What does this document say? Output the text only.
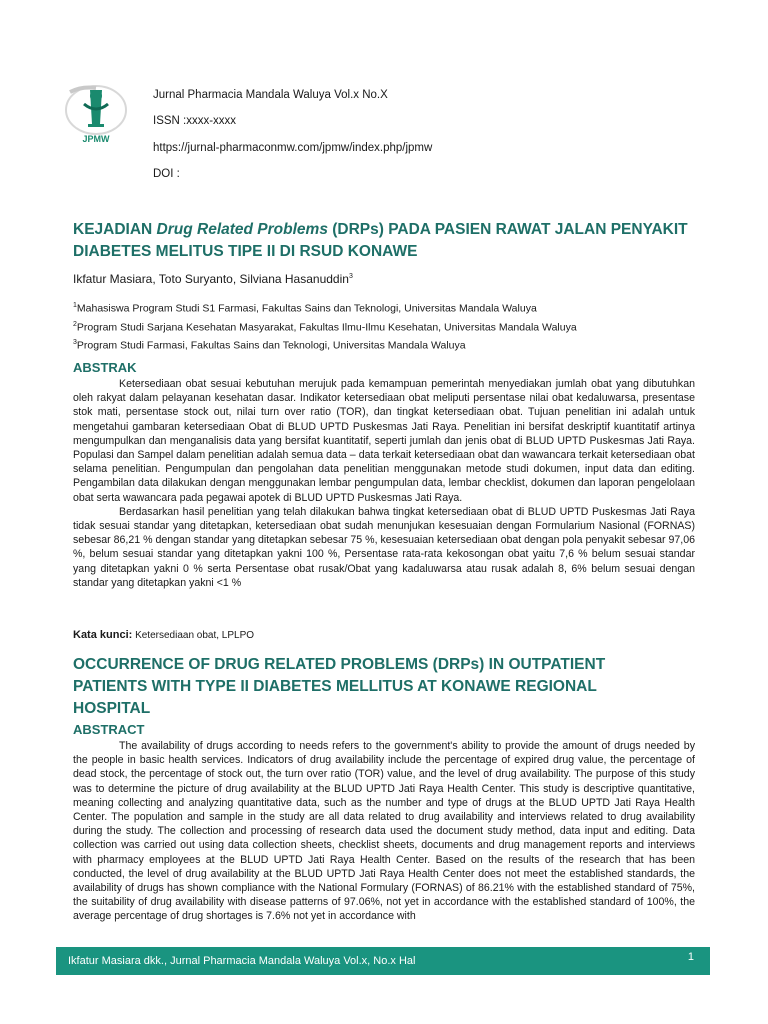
JPMW
Jurnal Pharmacia Mandala Waluya Vol.x No.X
ISSN :xxxx-xxxx
https://jurnal-pharmaconmw.com/jpmw/index.php/jpmw
DOI :
KEJADIAN Drug Related Problems (DRPs) PADA PASIEN RAWAT JALAN PENYAKIT DIABETES MELITUS TIPE II DI RSUD KONAWE
Ikfatur Masiara, Toto Suryanto, Silviana Hasanuddin$^3$
$^1$Mahasiswa Program Studi S1 Farmasi, Fakultas Sains dan Teknologi, Universitas Mandala Waluya
$^2$Program Studi Sarjana Kesehatan Masyarakat, Fakultas Ilmu-Ilmu Kesehatan, Universitas Mandala Waluya
$^3$Program Studi Farmasi, Fakultas Sains dan Teknologi, Universitas Mandala Waluya
ABSTRAK

Ketersediaan obat sesuai kebutuhan merujuk pada kemampuan pemerintah menyediakan jumlah obat yang dibutuhkan oleh rakyat dalam pelayanan kesehatan dasar. Indikator ketersediaan obat meliputi persentase nilai obat kedaluwarsa, presentase stok mati, persentase stock out, nilai turn over ratio (TOR), dan tingkat ketersediaan obat. Tujuan penelitian ini adalah untuk mengetahui gambaran ketersediaan Obat di BLUD UPTD Puskesmas Jati Raya. Penelitian ini bersifat deskriptif kuantitatif artinya mengumpulkan dan menganalisis data yang bersifat kuantitatif, seperti jumlah dan jenis obat di BLUD UPTD Puskesmas Jati Raya. Populasi dan Sampel dalam penelitian adalah semua data – data terkait ketersediaan obat dan wawancara terkait ketersediaan obat selama penelitian. Pengumpulan dan pengolahan data penelitian menggunakan metode studi dokumen, input data dan editing. Pengambilan data dilakukan dengan menggunakan lembar pengumpulan data, lembar checklist, dokumen dan laporan pengelolaan obat serta wawancara pada pegawai apotek di BLUD UPTD Puskesmas Jati Raya.

Berdasarkan hasil penelitian yang telah dilakukan bahwa tingkat ketersediaan obat di BLUD UPTD Puskesmas Jati Raya tidak sesuai standar yang ditetapkan, ketersediaan obat sudah menunjukan kesesuaian dengan Formularium Nasional (FORNAS) sebesar 86,21 % dengan standar yang ditetapkan sebesar 75 %, kesesuaian ketersediaan obat dengan pola penyakit sebesar 97,06 %, belum sesuai standar yang ditetapkan yakni 100 %, Persentase rata-rata kekosongan obat yaitu 7,6 % belum sesuai standar yang ditetapkan yakni 0 % serta Persentase obat rusak/Obat yang kadaluwarsa atau rusak adalah 8, 6% belum sesuai dengan standar yang ditetapkan yakni <1 %

Kata kunci: Ketersediaan obat, LPLPO
OCCURRENCE OF DRUG RELATED PROBLEMS (DRPs) IN OUTPATIENT PATIENTS WITH TYPE II DIABETES MELLITUS AT KONAWE REGIONAL HOSPITAL
ABSTRACT

The availability of drugs according to needs refers to the government's ability to provide the amount of drugs needed by the people in basic health services. Indicators of drug availability include the percentage of expired drug value, the percentage of dead stock, the percentage of stock out, the turn over ratio (TOR) value, and the level of drug availability. The purpose of this study was to determine the picture of drug availability at the BLUD UPTD Jati Raya Health Center. This study is descriptive quantitative, meaning collecting and analyzing quantitative data, such as the number and type of drugs at the BLUD UPTD Jati Raya Health Center. The population and sample in the study are all data related to drug availability and interviews related to drug availability during the study. The collection and processing of research data used the document study method, data input and editing. Data collection was carried out using data collection sheets, checklist sheets, documents and drug management reports and interviews with pharmacy employees at the BLUD UPTD Jati Raya Health Center. Based on the results of the research that has been conducted, the level of drug availability at the BLUD UPTD Jati Raya Health Center does not meet the established standards, the availability of drugs has shown compliance with the National Formulary (FORNAS) of 86.21% with the established standard of 75%, the suitability of drug availability with disease patterns of 97.06%, not yet in accordance with the established standard of 100%, the average percentage of drug shortages is 7.6% not yet in accordance with

Ikfatur Masiara dkk., Jurnal Pharmacia Mandala Waluya Vol.x, No.x Hal	1
